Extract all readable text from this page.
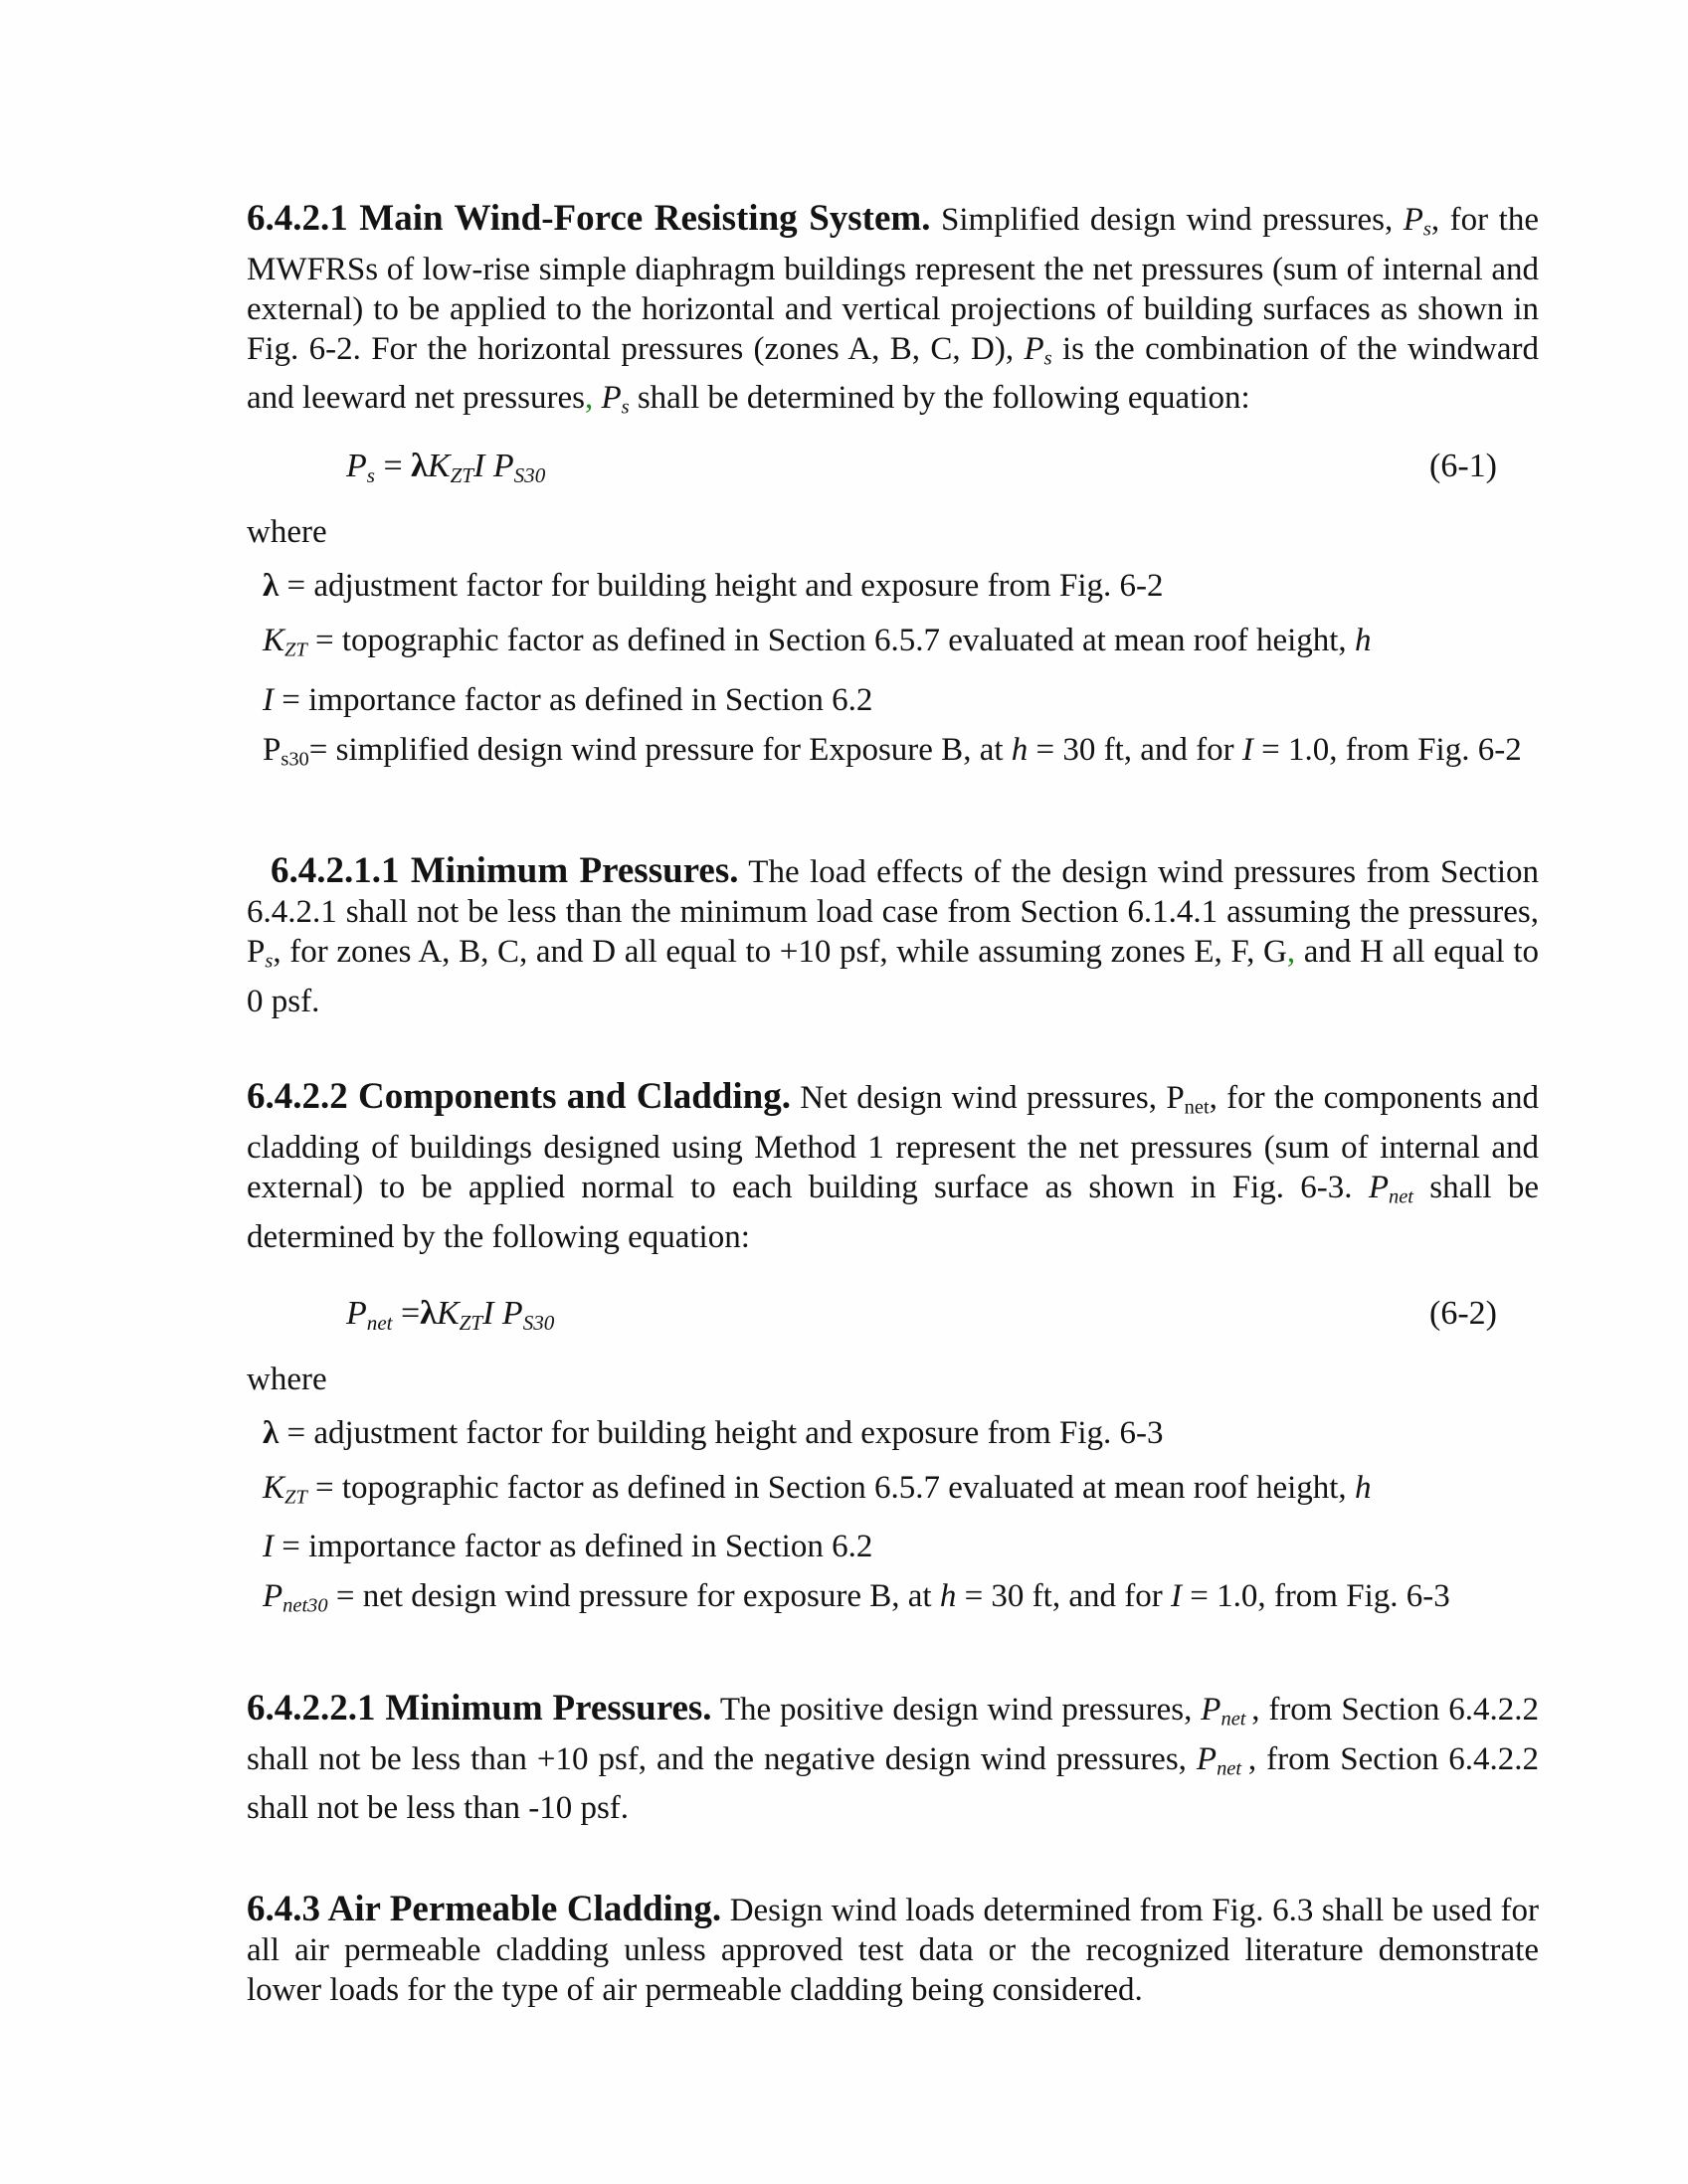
6.4.2.1 Main Wind-Force Resisting System. Simplified design wind pressures, Ps, for the MWFRSs of low-rise simple diaphragm buildings represent the net pressures (sum of internal and external) to be applied to the horizontal and vertical projections of building surfaces as shown in Fig. 6-2. For the horizontal pressures (zones A, B, C, D), Ps is the combination of the windward and leeward net pressures, Ps shall be determined by the following equation:

Ps = λKZTI PS30	(6-1)

where

λ = adjustment factor for building height and exposure from Fig. 6-2

KZT = topographic factor as defined in Section 6.5.7 evaluated at mean roof height, h

I = importance factor as defined in Section 6.2

Ps30= simplified design wind pressure for Exposure B, at h = 30 ft, and for I = 1.0, from Fig. 6-2

6.4.2.1.1 Minimum Pressures. The load effects of the design wind pressures from Section 6.4.2.1 shall not be less than the minimum load case from Section 6.1.4.1 assuming the pressures, Ps, for zones A, B, C, and D all equal to +10 psf, while assuming zones E, F, G, and H all equal to 0 psf.

6.4.2.2 Components and Cladding. Net design wind pressures, Pnet, for the components and cladding of buildings designed using Method 1 represent the net pressures (sum of internal and external) to be applied normal to each building surface as shown in Fig. 6-3. Pnet shall be determined by the following equation:

Pnet =λKZTI PS30	(6-2)

where

λ = adjustment factor for building height and exposure from Fig. 6-3

KZT = topographic factor as defined in Section 6.5.7 evaluated at mean roof height, h

I = importance factor as defined in Section 6.2

Pnet30 = net design wind pressure for exposure B, at h = 30 ft, and for I = 1.0, from Fig. 6-3

6.4.2.2.1 Minimum Pressures. The positive design wind pressures, Pnet , from Section 6.4.2.2 shall not be less than +10 psf, and the negative design wind pressures, Pnet , from Section 6.4.2.2 shall not be less than -10 psf.

6.4.3 Air Permeable Cladding. Design wind loads determined from Fig. 6.3 shall be used for all air permeable cladding unless approved test data or the recognized literature demonstrate lower loads for the type of air permeable cladding being considered.
